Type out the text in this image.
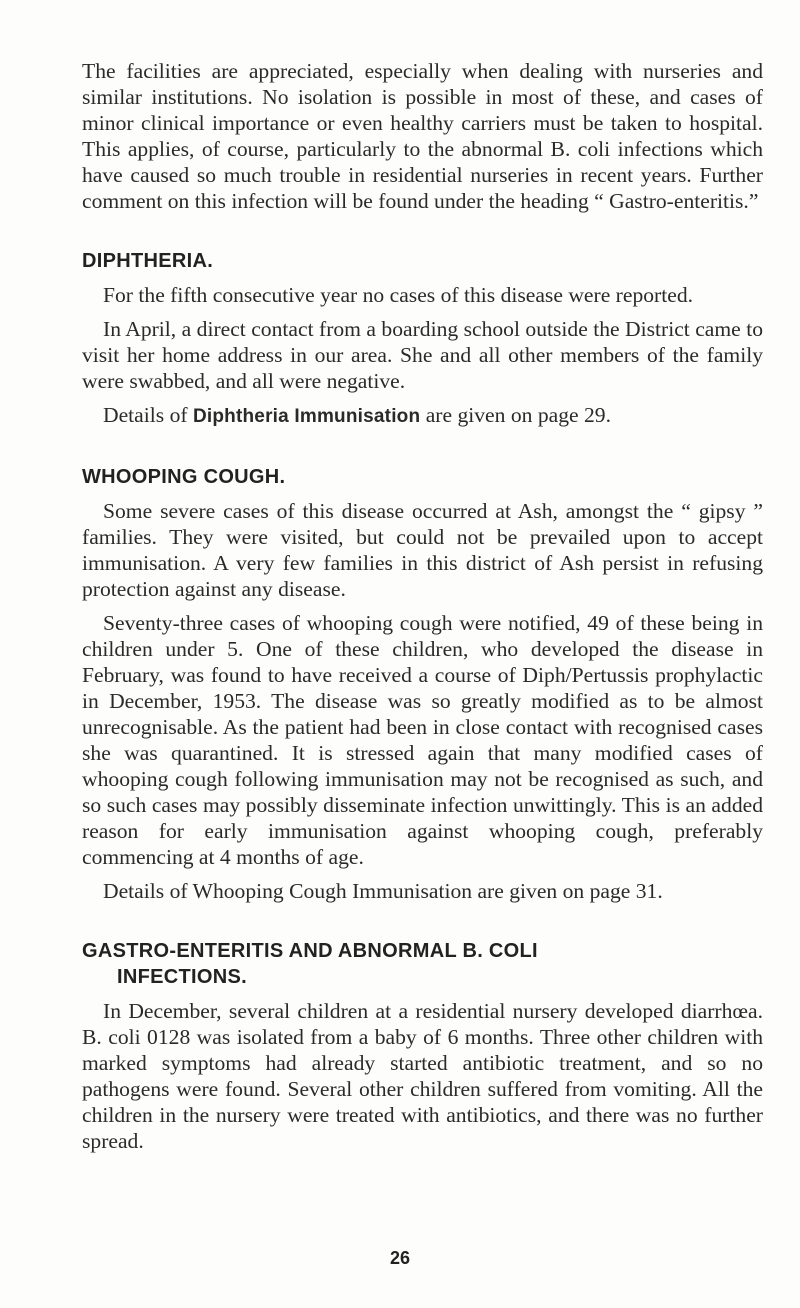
The facilities are appreciated, especially when dealing with nurseries and similar institutions. No isolation is possible in most of these, and cases of minor clinical importance or even healthy carriers must be taken to hospital. This applies, of course, particularly to the abnormal B. coli infections which have caused so much trouble in residential nurseries in recent years. Further comment on this infection will be found under the heading “ Gastro-enteritis.”

DIPHTHERIA.

For the fifth consecutive year no cases of this disease were reported.

In April, a direct contact from a boarding school outside the District came to visit her home address in our area. She and all other members of the family were swabbed, and all were negative.

Details of Diphtheria Immunisation are given on page 29.

WHOOPING COUGH.

Some severe cases of this disease occurred at Ash, amongst the “ gipsy ” families. They were visited, but could not be prevailed upon to accept immunisation. A very few families in this district of Ash persist in refusing protection against any disease.

Seventy-three cases of whooping cough were notified, 49 of these being in children under 5. One of these children, who developed the disease in February, was found to have received a course of Diph/Pertussis prophylactic in December, 1953. The disease was so greatly modified as to be almost unrecognisable. As the patient had been in close contact with recognised cases she was quarantined. It is stressed again that many modified cases of whooping cough following immunisation may not be recognised as such, and so such cases may possibly disseminate infection unwittingly. This is an added reason for early immunisation against whooping cough, preferably commencing at 4 months of age.

Details of Whooping Cough Immunisation are given on page 31.

GASTRO-ENTERITIS AND ABNORMAL B. COLI
INFECTIONS.

In December, several children at a residential nursery developed diarrhœa. B. coli 0128 was isolated from a baby of 6 months. Three other children with marked symptoms had already started antibiotic treatment, and so no pathogens were found. Several other children suffered from vomiting. All the children in the nursery were treated with antibiotics, and there was no further spread.

26
